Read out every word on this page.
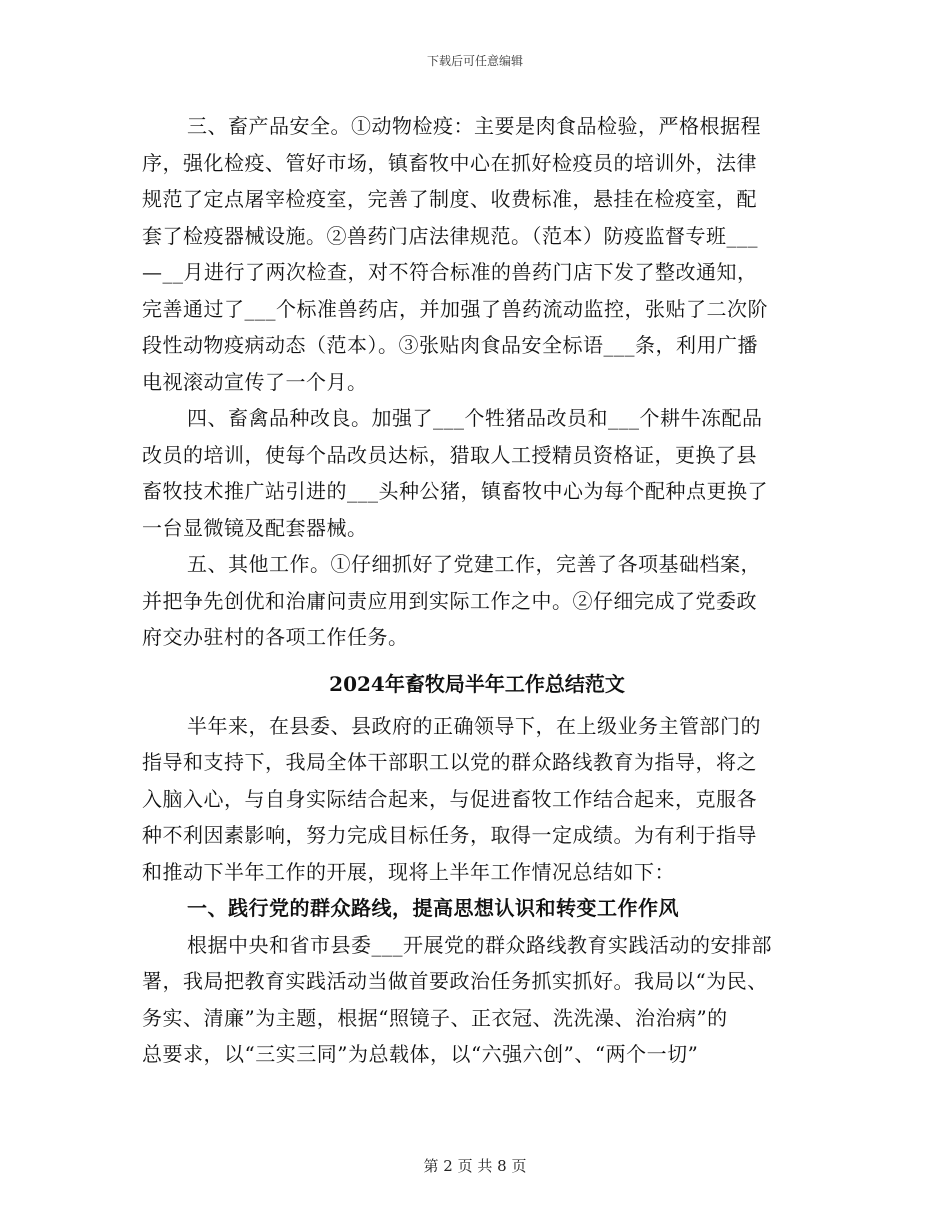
下载后可任意编辑
三、畜产品安全。①动物检疫：主要是肉食品检验，严格根据程
序，强化检疫、管好市场，镇畜牧中心在抓好检疫员的培训外，法律
规范了定点屠宰检疫室，完善了制度、收费标准，悬挂在检疫室，配
套了检疫器械设施。②兽药门店法律规范。（范本）防疫监督专班___
—__月进行了两次检查，对不符合标准的兽药门店下发了整改通知，
完善通过了___个标准兽药店，并加强了兽药流动监控，张贴了二次阶
段性动物疫病动态（范本）。③张贴肉食品安全标语___条，利用广播
电视滚动宣传了一个月。
四、畜禽品种改良。加强了___个牲猪品改员和___个耕牛冻配品
改员的培训，使每个品改员达标，猎取人工授精员资格证，更换了县
畜牧技术推广站引进的___头种公猪，镇畜牧中心为每个配种点更换了
一台显微镜及配套器械。
五、其他工作。①仔细抓好了党建工作，完善了各项基础档案，
并把争先创优和治庸问责应用到实际工作之中。②仔细完成了党委政
府交办驻村的各项工作任务。
2024年畜牧局半年工作总结范文
半年来，在县委、县政府的正确领导下，在上级业务主管部门的
指导和支持下，我局全体干部职工以党的群众路线教育为指导，将之
入脑入心，与自身实际结合起来，与促进畜牧工作结合起来，克服各
种不利因素影响，努力完成目标任务，取得一定成绩。为有利于指导
和推动下半年工作的开展，现将上半年工作情况总结如下：
一、践行党的群众路线，提高思想认识和转变工作作风
根据中央和省市县委___开展党的群众路线教育实践活动的安排部
署，我局把教育实践活动当做首要政治任务抓实抓好。我局以“为民、
务实、清廉”为主题，根据“照镜子、正衣冠、洗洗澡、治治病”的
总要求，以“三实三同”为总载体，以“六强六创”、“两个一切”
第 2 页 共 8 页
